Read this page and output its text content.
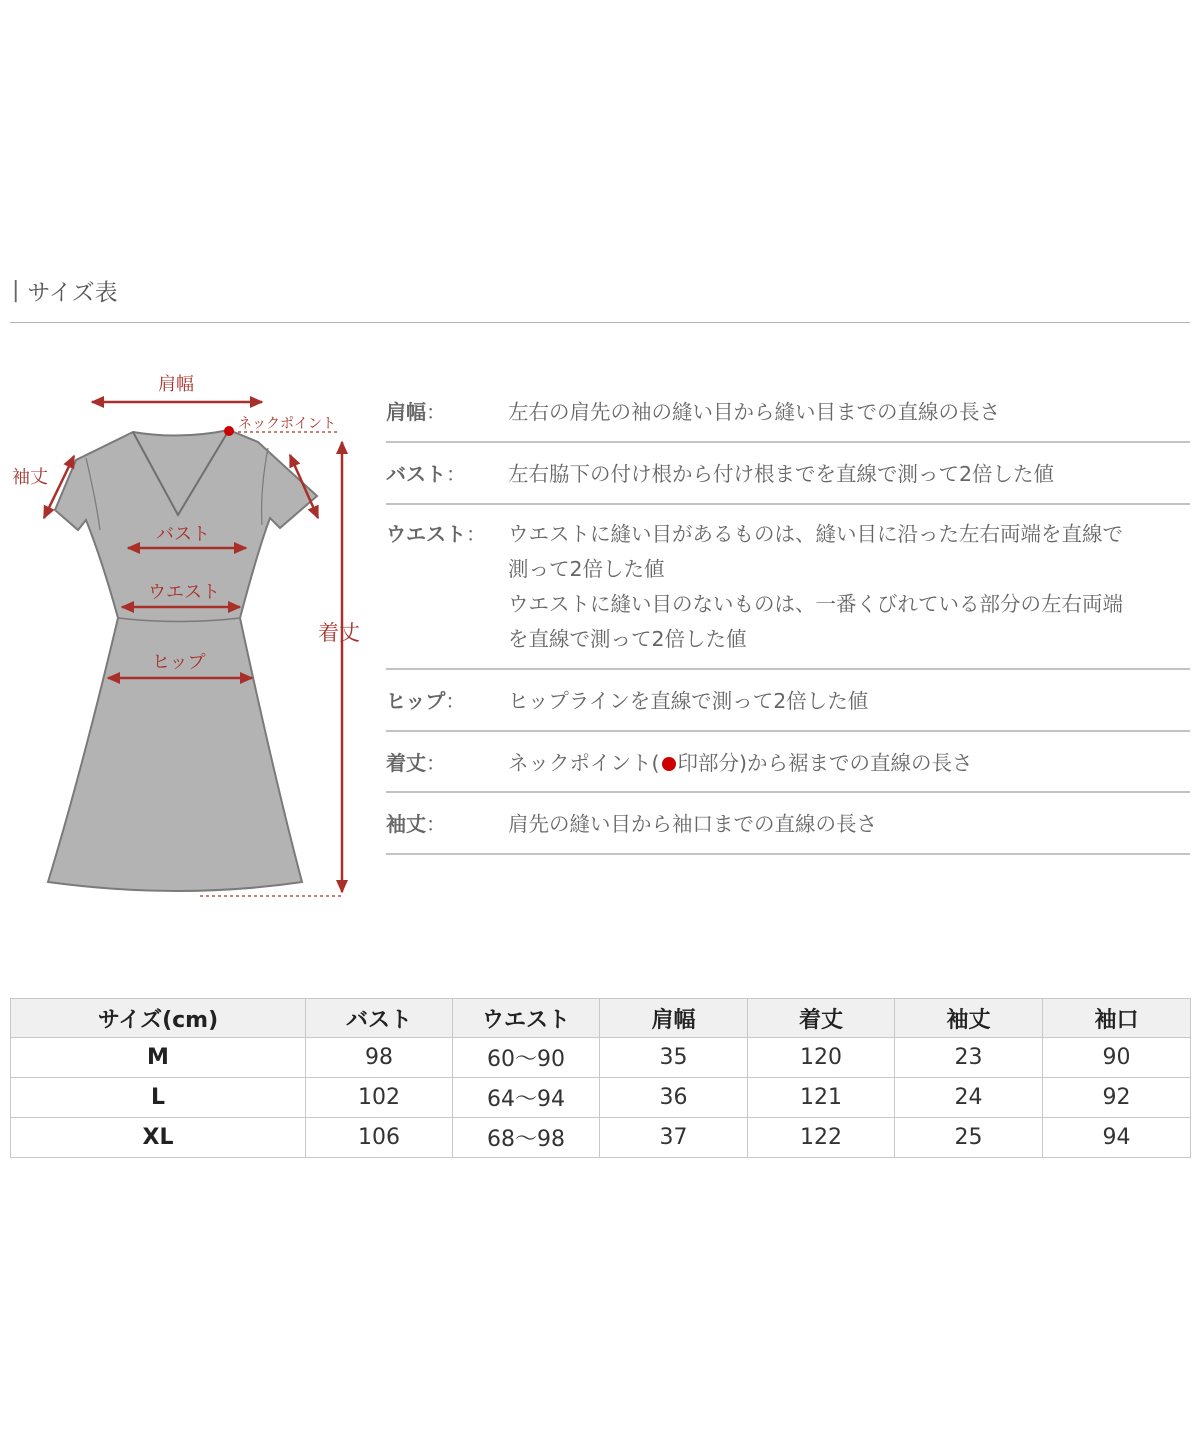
| サイズ表
肩幅
ネックポイント
袖丈
バスト
ウエスト
ヒップ
着丈
肩幅：	左右の肩先の袖の縫い目から縫い目までの直線の長さ
バスト：	左右脇下の付け根から付け根までを直線で測って2倍した値
ウエスト：	ウエストに縫い目があるものは、縫い目に沿った左右両端を直線で
測って2倍した値
ウエストに縫い目のないものは、一番くびれている部分の左右両端
を直線で測って2倍した値
ヒップ：	ヒップラインを直線で測って2倍した値
着丈：	ネックポイント( 印部分)から裾までの直線の長さ
袖丈：	肩先の縫い目から袖口までの直線の長さ
サイズ(cm)	バスト	ウエスト	肩幅	着丈	袖丈	袖口
M	98	60〜90	35	120	23	90
L	102	64〜94	36	121	24	92
XL	106	68〜98	37	122	25	94
